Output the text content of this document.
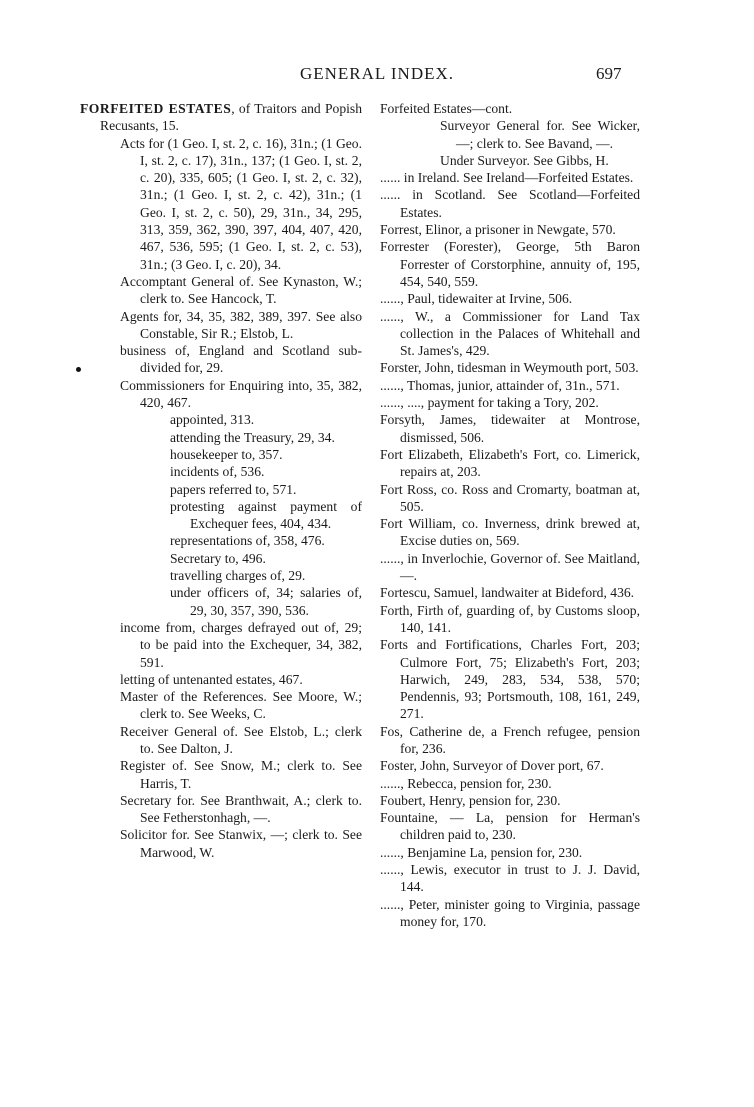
GENERAL INDEX.	697

FORFEITED ESTATES, of Traitors and Popish Recusants, 15.

Acts for (1 Geo. I, st. 2, c. 16), 31n.; (1 Geo. I, st. 2, c. 17), 31n., 137; (1 Geo. I, st. 2, c. 20), 335, 605; (1 Geo. I, st. 2, c. 32), 31n.; (1 Geo. I, st. 2, c. 42), 31n.; (1 Geo. I, st. 2, c. 50), 29, 31n., 34, 295, 313, 359, 362, 390, 397, 404, 407, 420, 467, 536, 595; (1 Geo. I, st. 2, c. 53), 31n.; (3 Geo. I, c. 20), 34.

Accomptant General of. See Kynaston, W.; clerk to. See Hancock, T.

Agents for, 34, 35, 382, 389, 397. See also Constable, Sir R.; Elstob, L.

business of, England and Scotland sub-divided for, 29.

Commissioners for Enquiring into, 35, 382, 420, 467.

appointed, 313.

attending the Treasury, 29, 34.

housekeeper to, 357.

incidents of, 536.

papers referred to, 571.

protesting against payment of Exchequer fees, 404, 434.

representations of, 358, 476.

Secretary to, 496.

travelling charges of, 29.

under officers of, 34; salaries of, 29, 30, 357, 390, 536.

income from, charges defrayed out of, 29; to be paid into the Exchequer, 34, 382, 591.

letting of untenanted estates, 467.

Master of the References. See Moore, W.; clerk to. See Weeks, C.

Receiver General of. See Elstob, L.; clerk to. See Dalton, J.

Register of. See Snow, M.; clerk to. See Harris, T.

Secretary for. See Branthwait, A.; clerk to. See Fetherstonhagh, —.

Solicitor for. See Stanwix, —; clerk to. See Marwood, W.

Forfeited Estates—cont.

Surveyor General for. See Wicker, —; clerk to. See Bavand, —.

Under Surveyor. See Gibbs, H.

...... in Ireland. See Ireland—Forfeited Estates.

...... in Scotland. See Scotland—Forfeited Estates.

Forrest, Elinor, a prisoner in Newgate, 570.

Forrester (Forester), George, 5th Baron Forrester of Corstorphine, annuity of, 195, 454, 540, 559.

......, Paul, tidewaiter at Irvine, 506.

......, W., a Commissioner for Land Tax collection in the Palaces of Whitehall and St. James's, 429.

Forster, John, tidesman in Weymouth port, 503.

......, Thomas, junior, attainder of, 31n., 571.

......, ...., payment for taking a Tory, 202.

Forsyth, James, tidewaiter at Montrose, dismissed, 506.

Fort Elizabeth, Elizabeth's Fort, co. Limerick, repairs at, 203.

Fort Ross, co. Ross and Cromarty, boatman at, 505.

Fort William, co. Inverness, drink brewed at, Excise duties on, 569.

......, in Inverlochie, Governor of. See Maitland, —.

Fortescu, Samuel, landwaiter at Bideford, 436.

Forth, Firth of, guarding of, by Customs sloop, 140, 141.

Forts and Fortifications, Charles Fort, 203; Culmore Fort, 75; Elizabeth's Fort, 203; Harwich, 249, 283, 534, 538, 570; Pendennis, 93; Portsmouth, 108, 161, 249, 271.

Fos, Catherine de, a French refugee, pension for, 236.

Foster, John, Surveyor of Dover port, 67.

......, Rebecca, pension for, 230.

Foubert, Henry, pension for, 230.

Fountaine, — La, pension for Herman's children paid to, 230.

......, Benjamine La, pension for, 230.

......, Lewis, executor in trust to J. J. David, 144.

......, Peter, minister going to Virginia, passage money for, 170.
